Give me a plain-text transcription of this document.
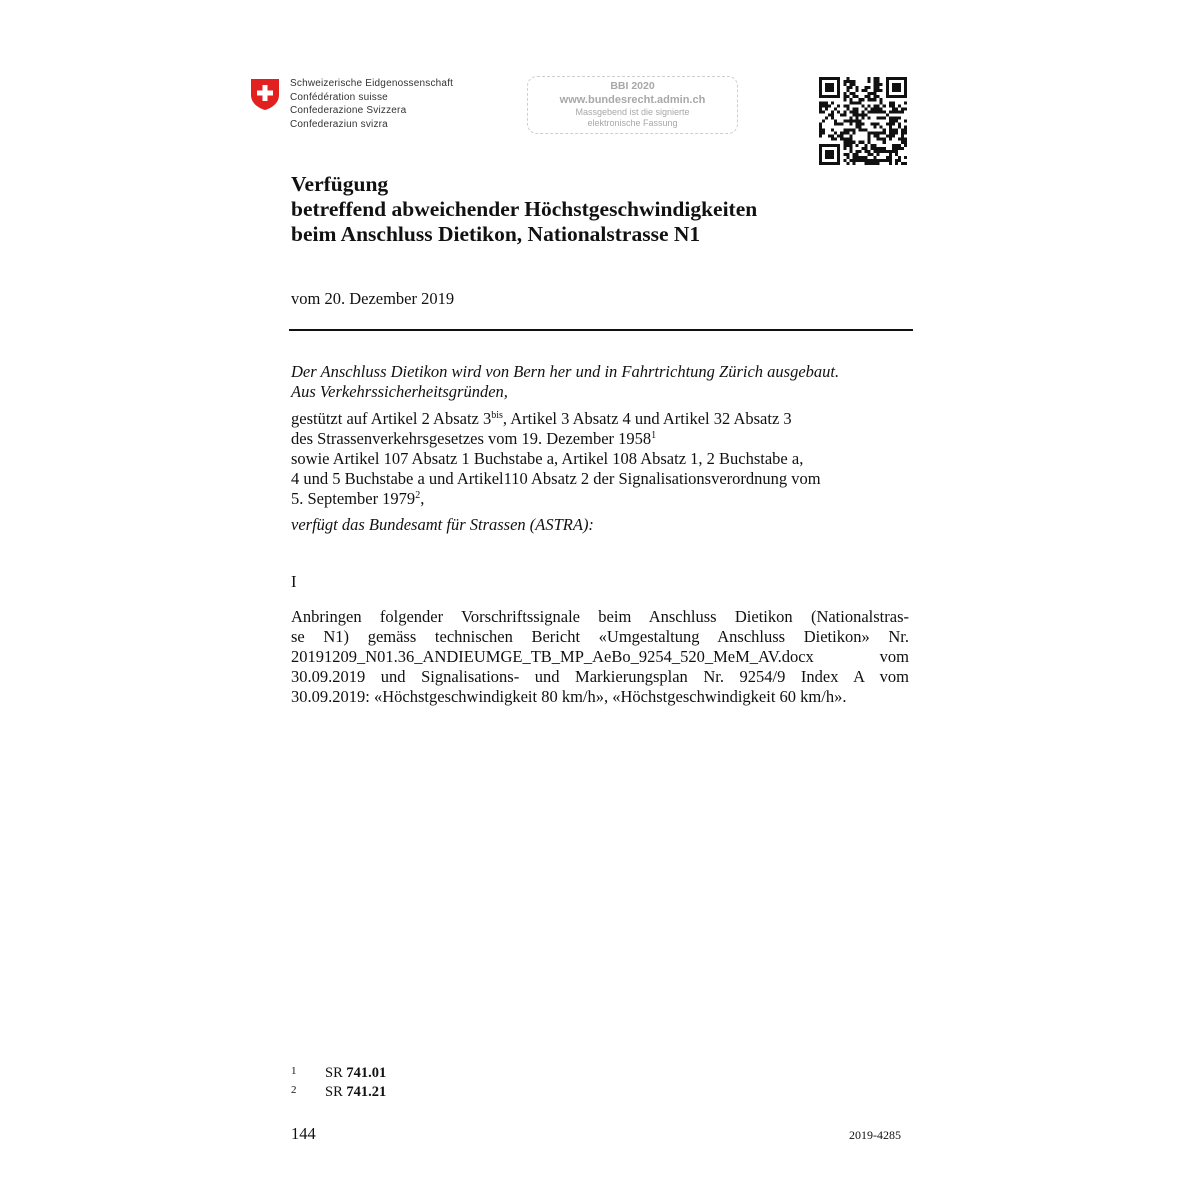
Schweizerische Eidgenossenschaft
Confédération suisse
Confederazione Svizzera
Confederaziun svizra
BBI 2020
www.bundesrecht.admin.ch
Massgebend ist die signierte
elektronische Fassung
Verfügung
betreffend abweichender Höchstgeschwindigkeiten
beim Anschluss Dietikon, Nationalstrasse N1
vom 20. Dezember 2019
Der Anschluss Dietikon wird von Bern her und in Fahrtrichtung Zürich ausgebaut.
Aus Verkehrssicherheitsgründen,
gestützt auf Artikel 2 Absatz $3^{bis}$, Artikel 3 Absatz 4 und Artikel 32 Absatz 3
des Strassenverkehrsgesetzes vom 19. Dezember 1958$^1$
sowie Artikel 107 Absatz 1 Buchstabe a, Artikel 108 Absatz 1, 2 Buchstabe a,
4 und 5 Buchstabe a und Artikel110 Absatz 2 der Signalisationsverordnung vom
5. September 1979$^2$,
verfügt das Bundesamt für Strassen (ASTRA):
I
Anbringen folgender Vorschriftssignale beim Anschluss Dietikon (Nationalstras-
se N1) gemäss technischen Bericht «Umgestaltung Anschluss Dietikon» Nr.
20191209_N01.36_ANDIEUMGE_TB_MP_AeBo_9254_520_MeM_AV.docx vom
30.09.2019 und Signalisations- und Markierungsplan Nr. 9254/9 Index A vom
30.09.2019: «Höchstgeschwindigkeit 80 km/h», «Höchstgeschwindigkeit 60 km/h».
1 SR 741.01
2 SR 741.21
144	2019-4285
